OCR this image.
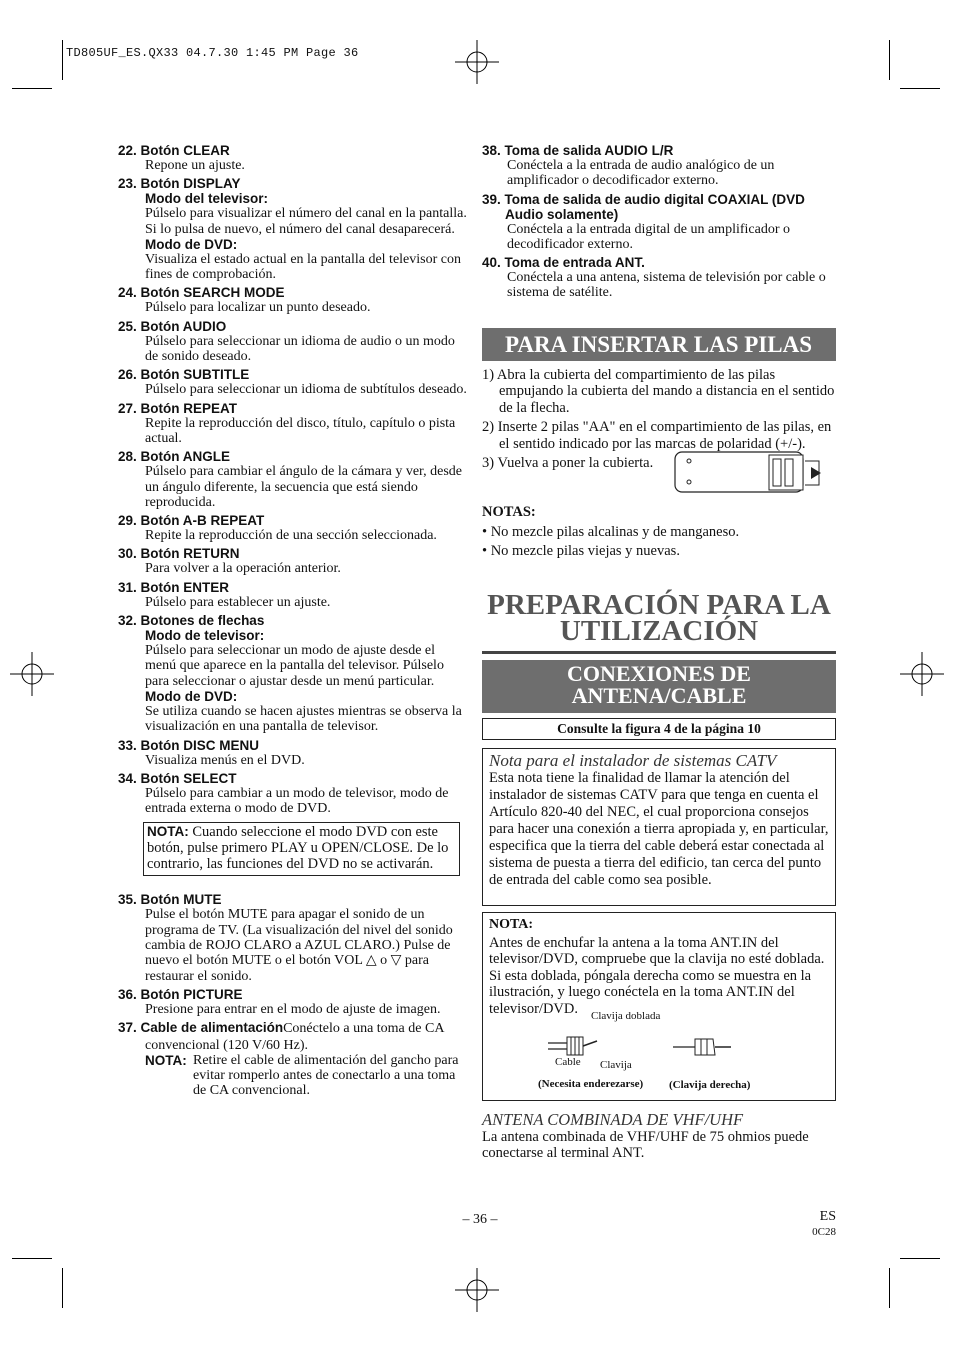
TD805UF_ES.QX33 04.7.30 1:45 PM Page 36
22. Botón CLEAR
Repone un ajuste.
23. Botón DISPLAY
Modo del televisor:
Púlselo para visualizar el número del canal en la pantalla. Si lo pulsa de nuevo, el número del canal desaparecerá.
Modo de DVD:
Visualiza el estado actual en la pantalla del televisor con fines de comprobación.
24. Botón SEARCH MODE
Púlselo para localizar un punto deseado.
25. Botón AUDIO
Púlselo para seleccionar un idioma de audio o un modo de sonido deseado.
26. Botón SUBTITLE
Púlselo para seleccionar un idioma de subtítulos deseado.
27. Botón REPEAT
Repite la reproducción del disco, título, capítulo o pista actual.
28. Botón ANGLE
Púlselo para cambiar el ángulo de la cámara y ver, desde un ángulo diferente, la secuencia que está siendo reproducida.
29. Botón A-B REPEAT
Repite la reproducción de una sección seleccionada.
30. Botón RETURN
Para volver a la operación anterior.
31. Botón ENTER
Púlselo para establecer un ajuste.
32. Botones de flechas
Modo de televisor:
Púlselo para seleccionar un modo de ajuste desde el menú que aparece en la pantalla del televisor. Púlselo para seleccionar o ajustar desde un menú particular.
Modo de DVD:
Se utiliza cuando se hacen ajustes mientras se observa la visualización en una pantalla de televisor.
33. Botón DISC MENU
Visualiza menús en el DVD.
34. Botón SELECT
Púlselo para cambiar a un modo de televisor, modo de entrada externa o modo de DVD.
NOTA: Cuando seleccione el modo DVD con este botón, pulse primero PLAY u OPEN/CLOSE. De lo contrario, las funciones del DVD no se activarán.
35. Botón MUTE
Pulse el botón MUTE para apagar el sonido de un programa de TV. (La visualización del nivel del sonido cambia de ROJO CLARO a AZUL CLARO.) Pulse de nuevo el botón MUTE o el botón VOL △ o ▽ para restaurar el sonido.
36. Botón PICTURE
Presione para entrar en el modo de ajuste de imagen.
37. Cable de alimentaciónConéctelo a una toma de CA convencional (120 V/60 Hz).
NOTA: Retire el cable de alimentación del gancho para evitar romperlo antes de conectarlo a una toma de CA convencional.
38. Toma de salida AUDIO L/R
Conéctela a la entrada de audio analógico de un amplificador o decodificador externo.
39. Toma de salida de audio digital COAXIAL (DVD Audio solamente)
Conéctela a la entrada digital de un amplificador o decodificador externo.
40. Toma de entrada ANT.
Conéctela a una antena, sistema de televisión por cable o sistema de satélite.
PARA INSERTAR LAS PILAS
1) Abra la cubierta del compartimiento de las pilas empujando la cubierta del mando a distancia en el sentido de la flecha.
2) Inserte 2 pilas "AA" en el compartimiento de las pilas, en el sentido indicado por las marcas de polaridad (+/-).
3) Vuelva a poner la cubierta.
NOTAS:
• No mezcle pilas alcalinas y de manganeso.
• No mezcle pilas viejas y nuevas.
PREPARACIÓN PARA LA
UTILIZACIÓN
CONEXIONES DE
ANTENA/CABLE
Consulte la figura 4 de la página 10
Nota para el instalador de sistemas CATV
Esta nota tiene la finalidad de llamar la atención del instalador de sistemas CATV para que tenga en cuenta el Artículo 820-40 del NEC, el cual proporciona consejos para hacer una conexión a tierra apropiada y, en particular, especifica que la tierra del cable deberá estar conectada al sistema de puesta a tierra del edificio, tan cerca del punto de entrada del cable como sea posible.
NOTA:
Antes de enchufar la antena a la toma ANT.IN del televisor/DVD, compruebe que la clavija no esté doblada. Si esta doblada, póngala derecha como se muestra en la ilustración, y luego conéctela en la toma ANT.IN del televisor/DVD.	Clavija doblada
Cable Clavija
(Necesita enderezarse) (Clavija derecha)
ANTENA COMBINADA DE VHF/UHF
La antena combinada de VHF/UHF de 75 ohmios puede conectarse al terminal ANT.
– 36 –	ES
0C28
